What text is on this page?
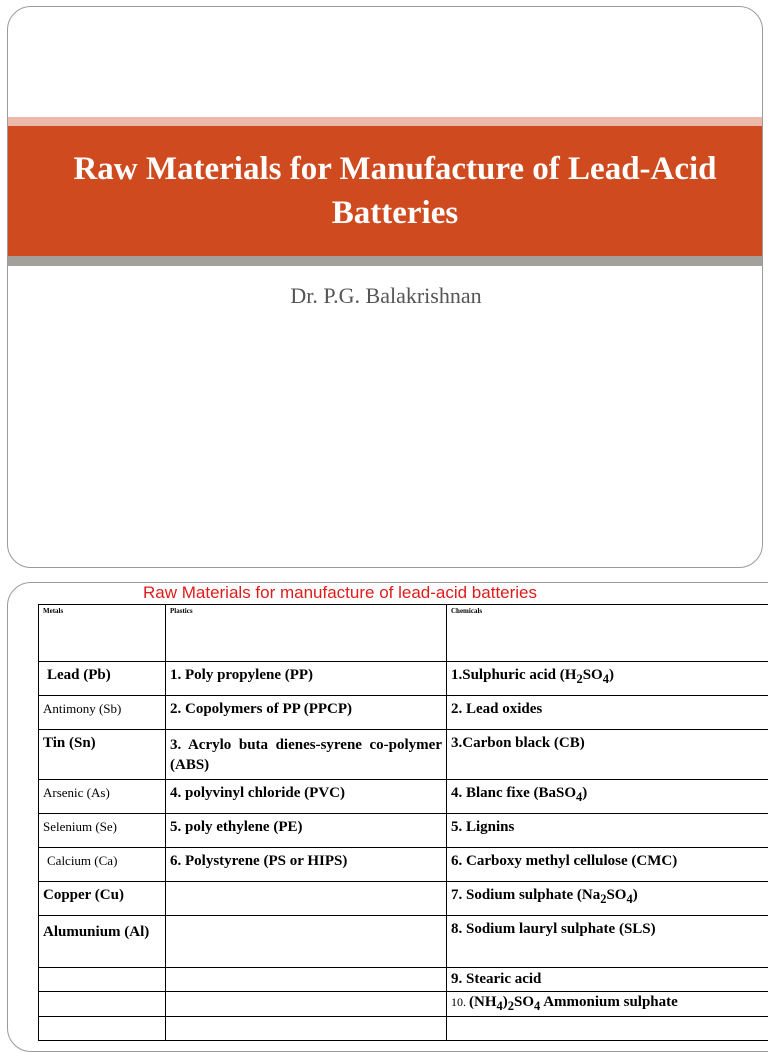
Raw Materials for Manufacture of Lead-Acid Batteries
Dr. P.G. Balakrishnan
Raw Materials for manufacture of lead-acid batteries
Metals	Plastics	Chemicals
Lead (Pb)	1. Poly propylene (PP)	1.Sulphuric acid $(H_2SO_4)$
Antimony (Sb)	2. Copolymers of PP (PPCP)	2. Lead oxides
Tin (Sn)	3. Acrylo buta dienes-syrene co-polymer (ABS)	3.Carbon black (CB)
Arsenic (As)	4. polyvinyl chloride (PVC)	4. Blanc fixe (BaSO$_4$)
Selenium (Se)	5. poly ethylene (PE)	5. Lignins
Calcium (Ca)	6. Polystyrene (PS or HIPS)	6. Carboxy methyl cellulose (CMC)
Copper (Cu)		7. Sodium sulphate $(Na_2SO_4)$
Alumunium (Al)		8. Sodium lauryl sulphate (SLS)
		9. Stearic acid
		10. $(NH_4)_2SO_4$ Ammonium sulphate
